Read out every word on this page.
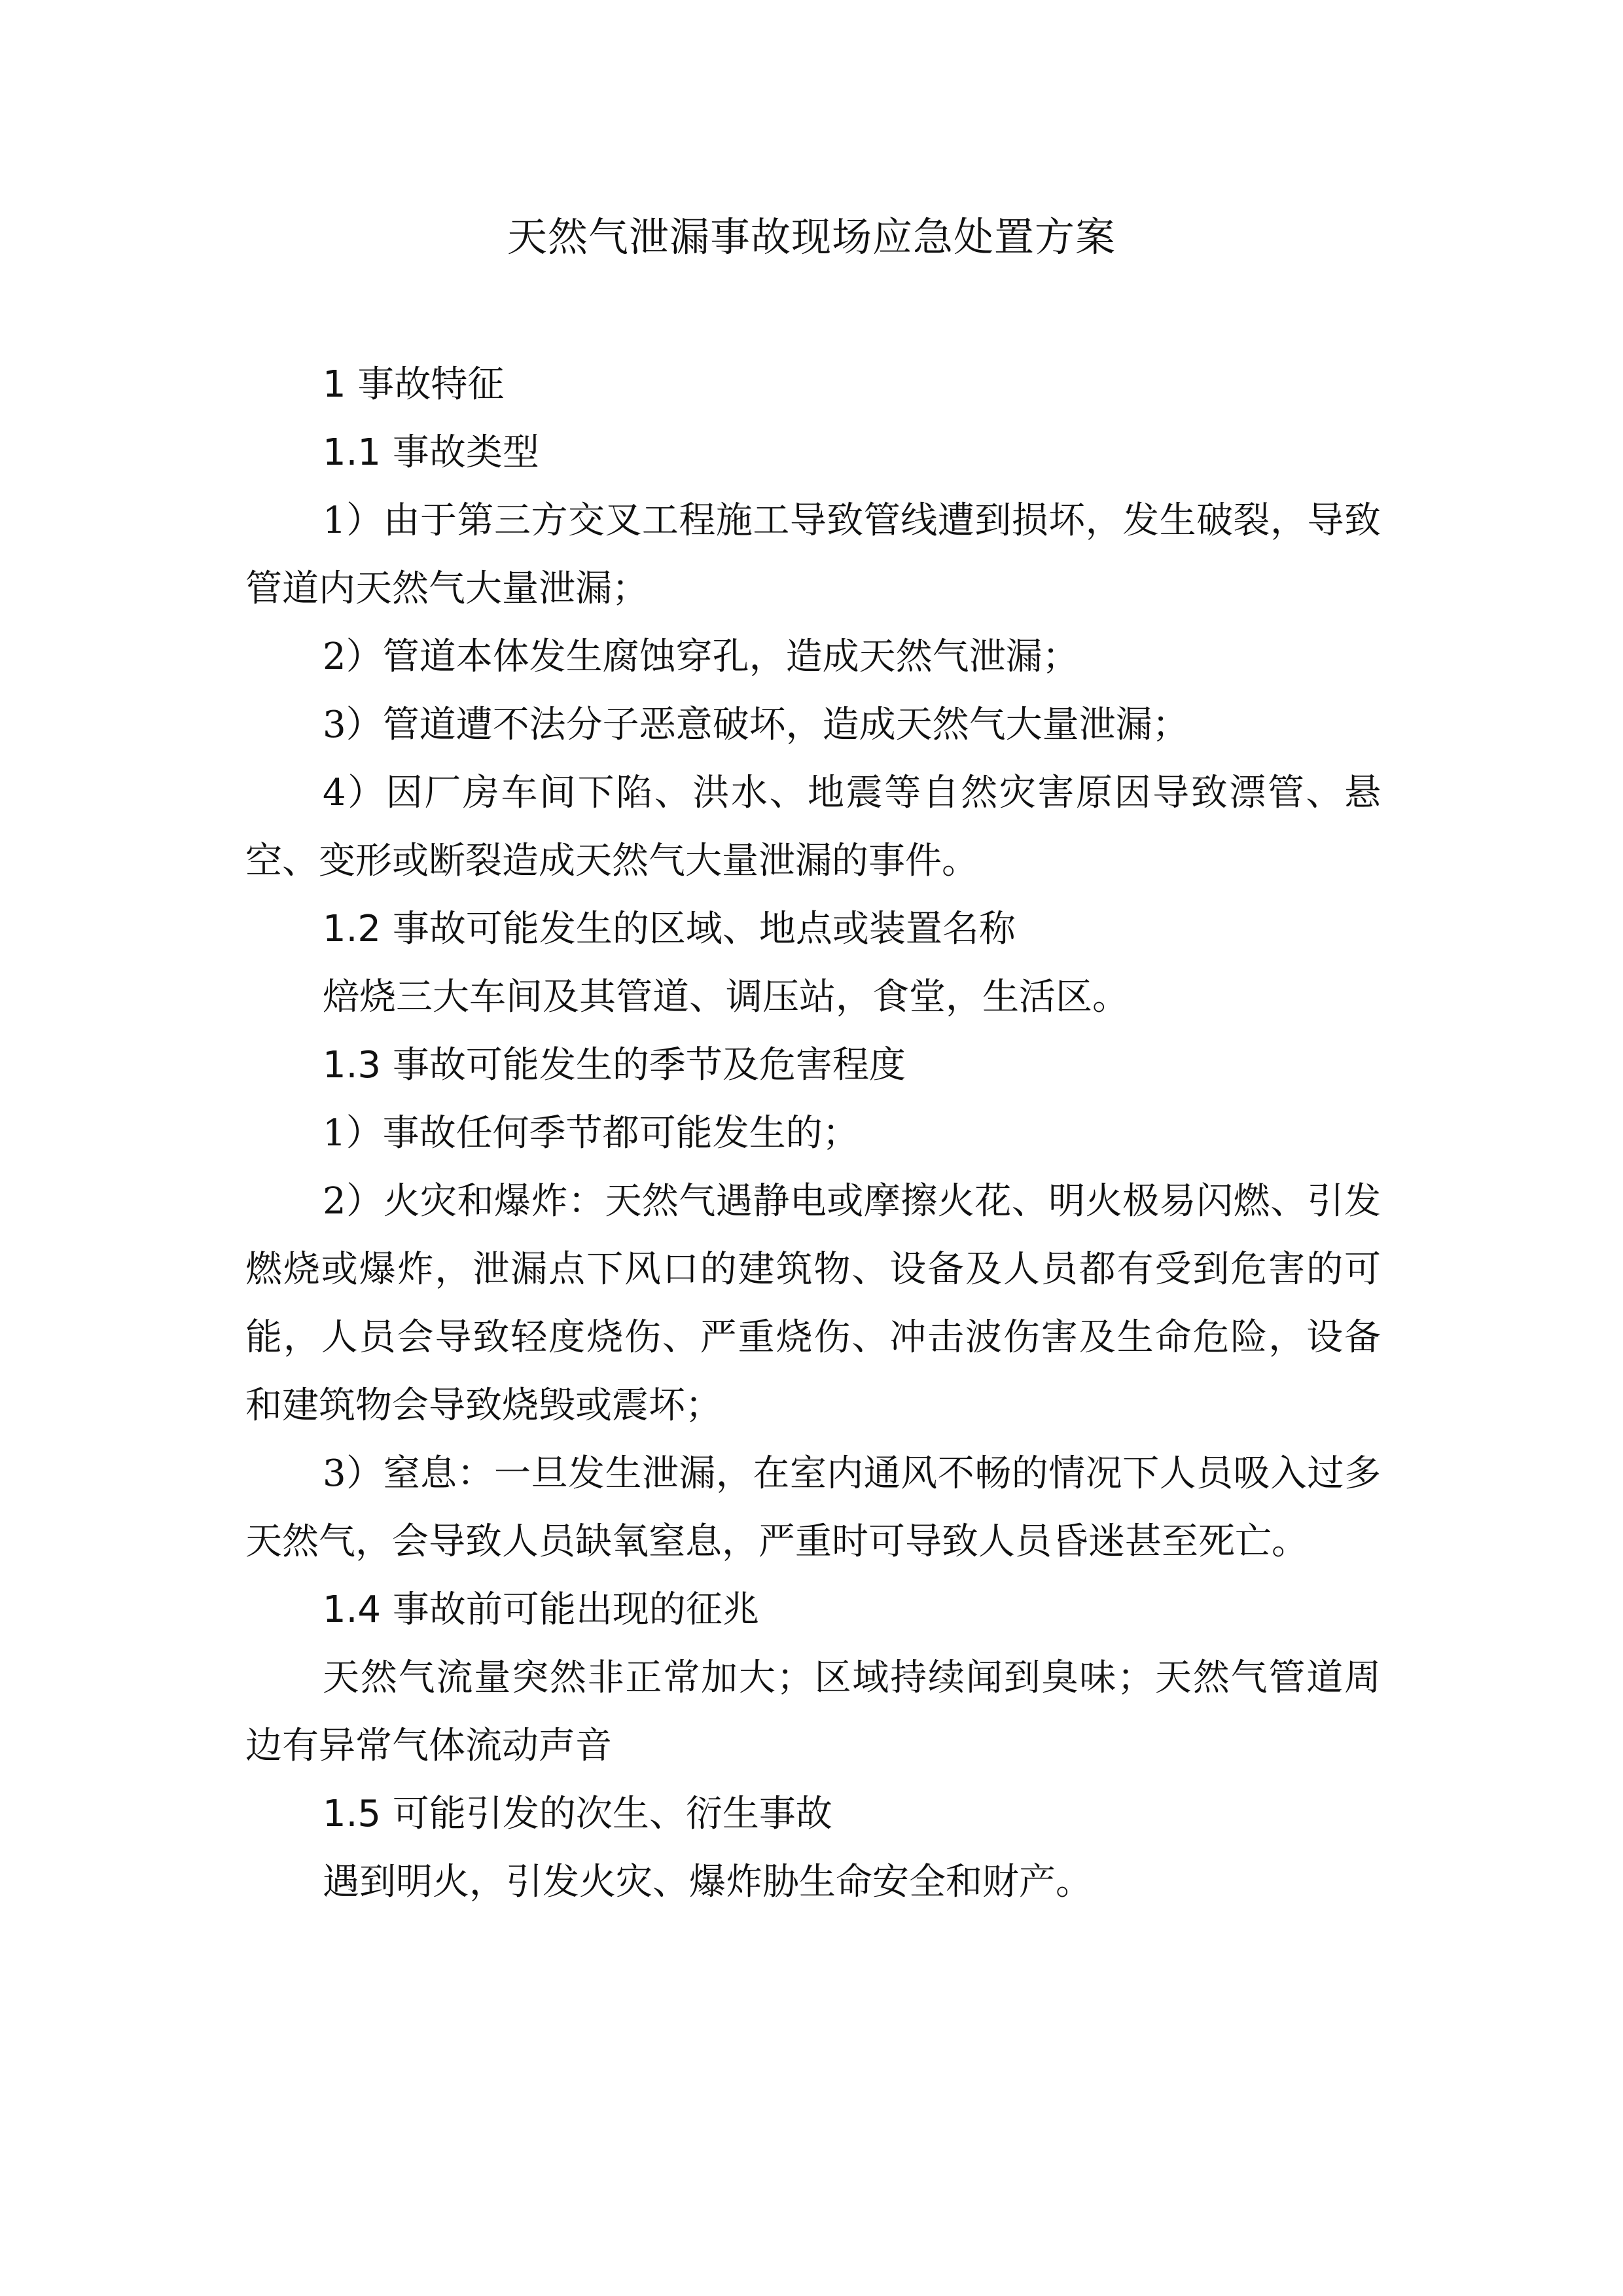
天然气泄漏事故现场应急处置方案
1 事故特征
1.1 事故类型

1）由于第三方交叉工程施工导致管线遭到损坏，发生破裂，导致管道内天然气大量泄漏；

2）管道本体发生腐蚀穿孔，造成天然气泄漏；

3）管道遭不法分子恶意破坏，造成天然气大量泄漏；

4）因厂房车间下陷、洪水、地震等自然灾害原因导致漂管、悬空、变形或断裂造成天然气大量泄漏的事件。

1.2 事故可能发生的区域、地点或装置名称

焙烧三大车间及其管道、调压站，食堂，生活区。

1.3 事故可能发生的季节及危害程度

1）事故任何季节都可能发生的；

2）火灾和爆炸：天然气遇静电或摩擦火花、明火极易闪燃、引发燃烧或爆炸，泄漏点下风口的建筑物、设备及人员都有受到危害的可能，人员会导致轻度烧伤、严重烧伤、冲击波伤害及生命危险，设备和建筑物会导致烧毁或震坏；

3）窒息：一旦发生泄漏，在室内通风不畅的情况下人员吸入过多天然气，会导致人员缺氧窒息，严重时可导致人员昏迷甚至死亡。

1.4 事故前可能出现的征兆

天然气流量突然非正常加大；区域持续闻到臭味；天然气管道周边有异常气体流动声音

1.5 可能引发的次生、衍生事故

遇到明火，引发火灾、爆炸胁生命安全和财产。
